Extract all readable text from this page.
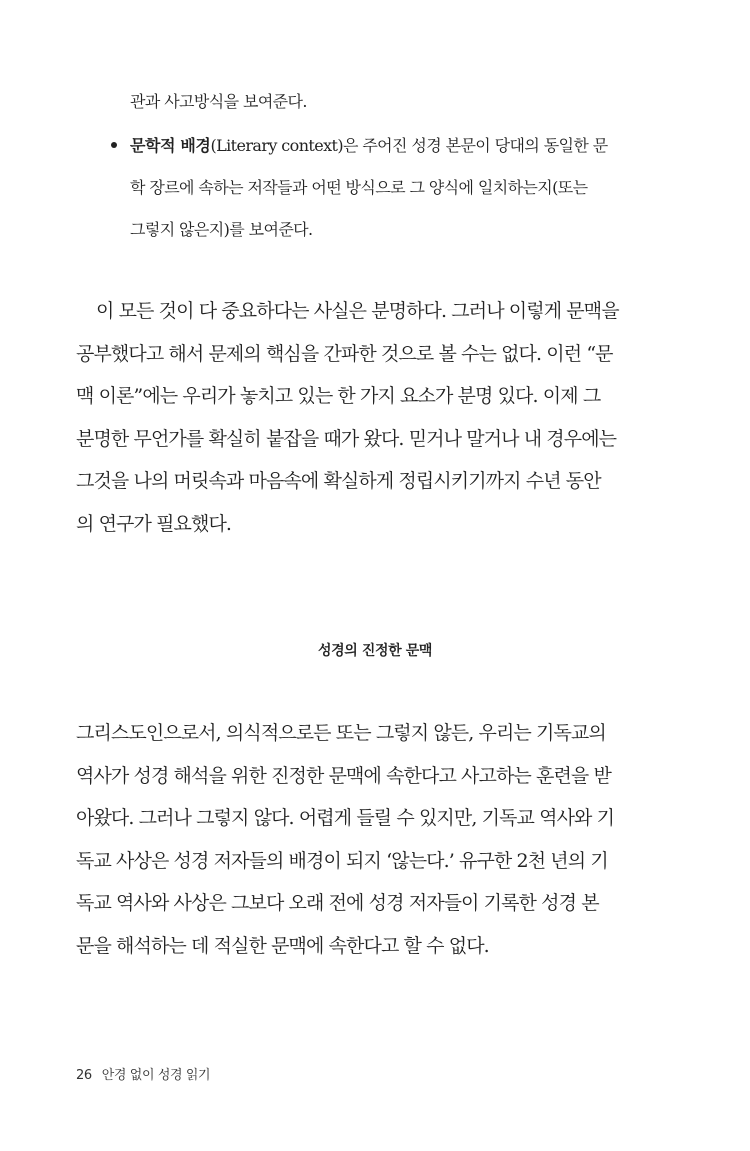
관과 사고방식을 보여준다.
문학적 배경(Literary context)은 주어진 성경 본문이 당대의 동일한 문
학 장르에 속하는 저작들과 어떤 방식으로 그 양식에 일치하는지(또는
그렇지 않은지)를 보여준다.
이 모든 것이 다 중요하다는 사실은 분명하다. 그러나 이렇게 문맥을
공부했다고 해서 문제의 핵심을 간파한 것으로 볼 수는 없다. 이런 “문
맥 이론”에는 우리가 놓치고 있는 한 가지 요소가 분명 있다. 이제 그
분명한 무언가를 확실히 붙잡을 때가 왔다. 믿거나 말거나 내 경우에는
그것을 나의 머릿속과 마음속에 확실하게 정립시키기까지 수년 동안
의 연구가 필요했다.
성경의 진정한 문맥
그리스도인으로서, 의식적으로든 또는 그렇지 않든, 우리는 기독교의
역사가 성경 해석을 위한 진정한 문맥에 속한다고 사고하는 훈련을 받
아왔다. 그러나 그렇지 않다. 어렵게 들릴 수 있지만, 기독교 역사와 기
독교 사상은 성경 저자들의 배경이 되지 ‘않는다.’ 유구한 2천 년의 기
독교 역사와 사상은 그보다 오래 전에 성경 저자들이 기록한 성경 본
문을 해석하는 데 적실한 문맥에 속한다고 할 수 없다.
26 안경 없이 성경 읽기
